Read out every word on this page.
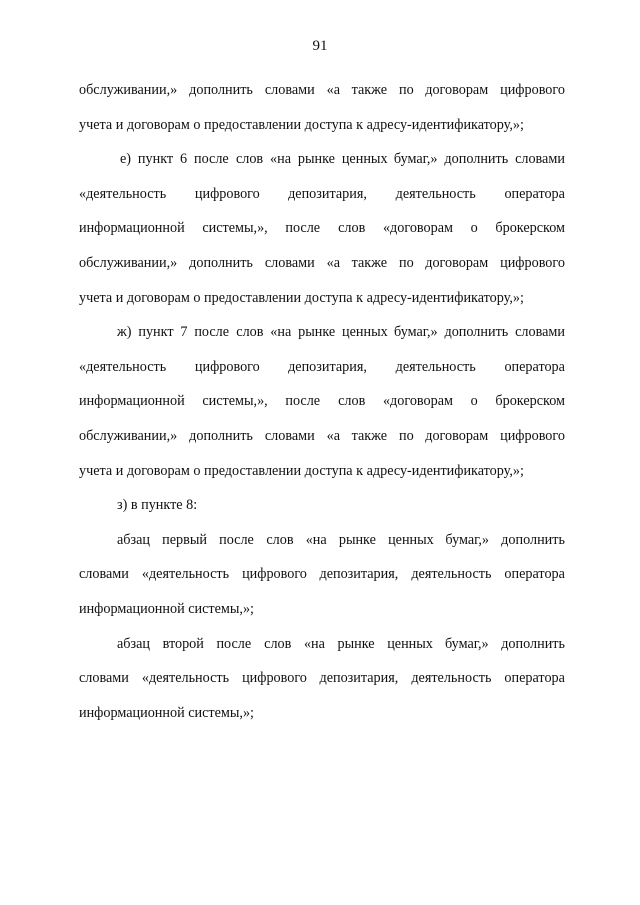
91
обслуживании,» дополнить словами «а также по договорам цифрового
учета и договорам о предоставлении доступа к адресу-идентификатору,»;
е) пункт 6 после слов «на рынке ценных бумаг,» дополнить словами
«деятельность цифрового депозитария, деятельность оператора
информационной системы,», после слов «договорам о брокерском
обслуживании,» дополнить словами «а также по договорам цифрового
учета и договорам о предоставлении доступа к адресу-идентификатору,»;
ж) пункт 7 после слов «на рынке ценных бумаг,» дополнить словами
«деятельность цифрового депозитария, деятельность оператора
информационной системы,», после слов «договорам о брокерском
обслуживании,» дополнить словами «а также по договорам цифрового
учета и договорам о предоставлении доступа к адресу-идентификатору,»;
з) в пункте 8:
абзац первый после слов «на рынке ценных бумаг,» дополнить
словами «деятельность цифрового депозитария, деятельность оператора
информационной системы,»;
абзац второй после слов «на рынке ценных бумаг,» дополнить
словами «деятельность цифрового депозитария, деятельность оператора
информационной системы,»;
